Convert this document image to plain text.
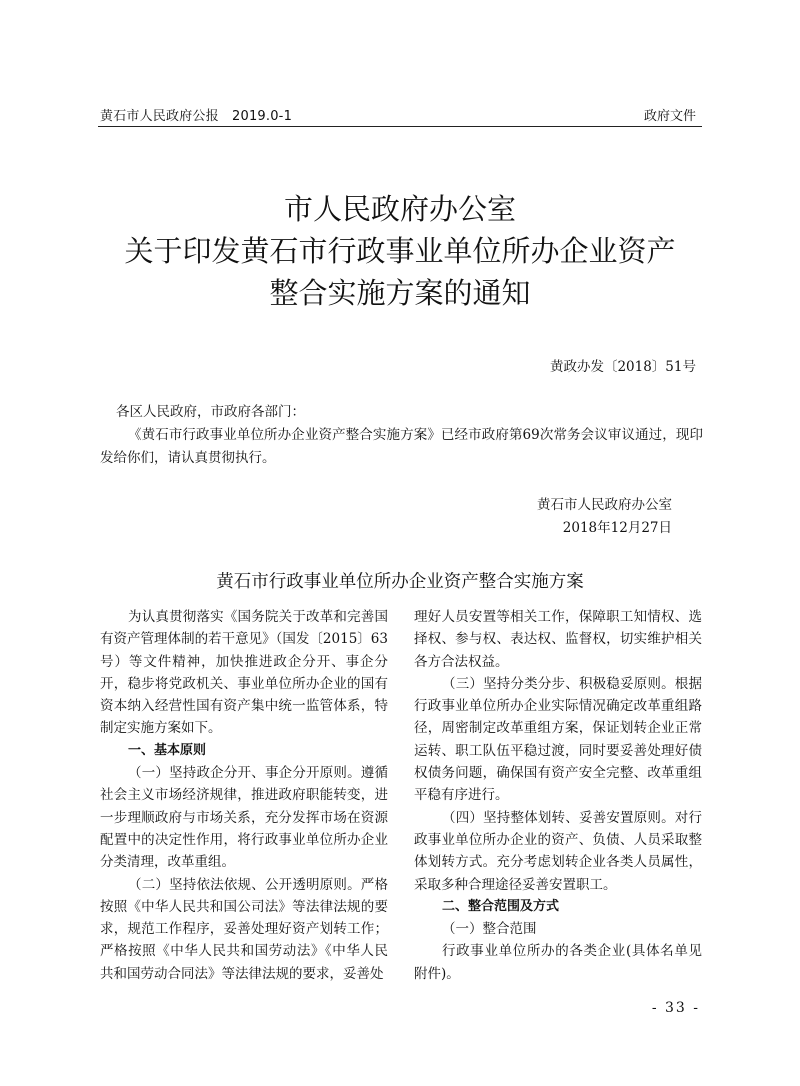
黄石市人民政府公报　2019.0-1	政府文件
市人民政府办公室
关于印发黄石市行政事业单位所办企业资产
整合实施方案的通知
黄政办发〔2018〕51号
各区人民政府，市政府各部门：
《黄石市行政事业单位所办企业资产整合实施方案》已经市政府第69次常务会议审议通过，现印发给你们，请认真贯彻执行。
黄石市人民政府办公室
2018年12月27日
黄石市行政事业单位所办企业资产整合实施方案

为认真贯彻落实《国务院关于改革和完善国有资产管理体制的若干意见》（国发〔2015〕63号）等文件精神，加快推进政企分开、事企分开，稳步将党政机关、事业单位所办企业的国有资本纳入经营性国有资产集中统一监管体系，特制定实施方案如下。

一、基本原则

（一）坚持政企分开、事企分开原则。遵循社会主义市场经济规律，推进政府职能转变，进一步理顺政府与市场关系，充分发挥市场在资源配置中的决定性作用，将行政事业单位所办企业分类清理，改革重组。

（二）坚持依法依规、公开透明原则。严格按照《中华人民共和国公司法》等法律法规的要求，规范工作程序，妥善处理好资产划转工作；严格按照《中华人民共和国劳动法》《中华人民共和国劳动合同法》等法律法规的要求，妥善处

理好人员安置等相关工作，保障职工知情权、选择权、参与权、表达权、监督权，切实维护相关各方合法权益。

（三）坚持分类分步、积极稳妥原则。根据行政事业单位所办企业实际情况确定改革重组路径，周密制定改革重组方案，保证划转企业正常运转、职工队伍平稳过渡，同时要妥善处理好债权债务问题，确保国有资产安全完整、改革重组平稳有序进行。

（四）坚持整体划转、妥善安置原则。对行政事业单位所办企业的资产、负债、人员采取整体划转方式。充分考虑划转企业各类人员属性，采取多种合理途径妥善安置职工。

二、整合范围及方式

（一）整合范围

行政事业单位所办的各类企业(具体名单见附件)。

- 33 -
